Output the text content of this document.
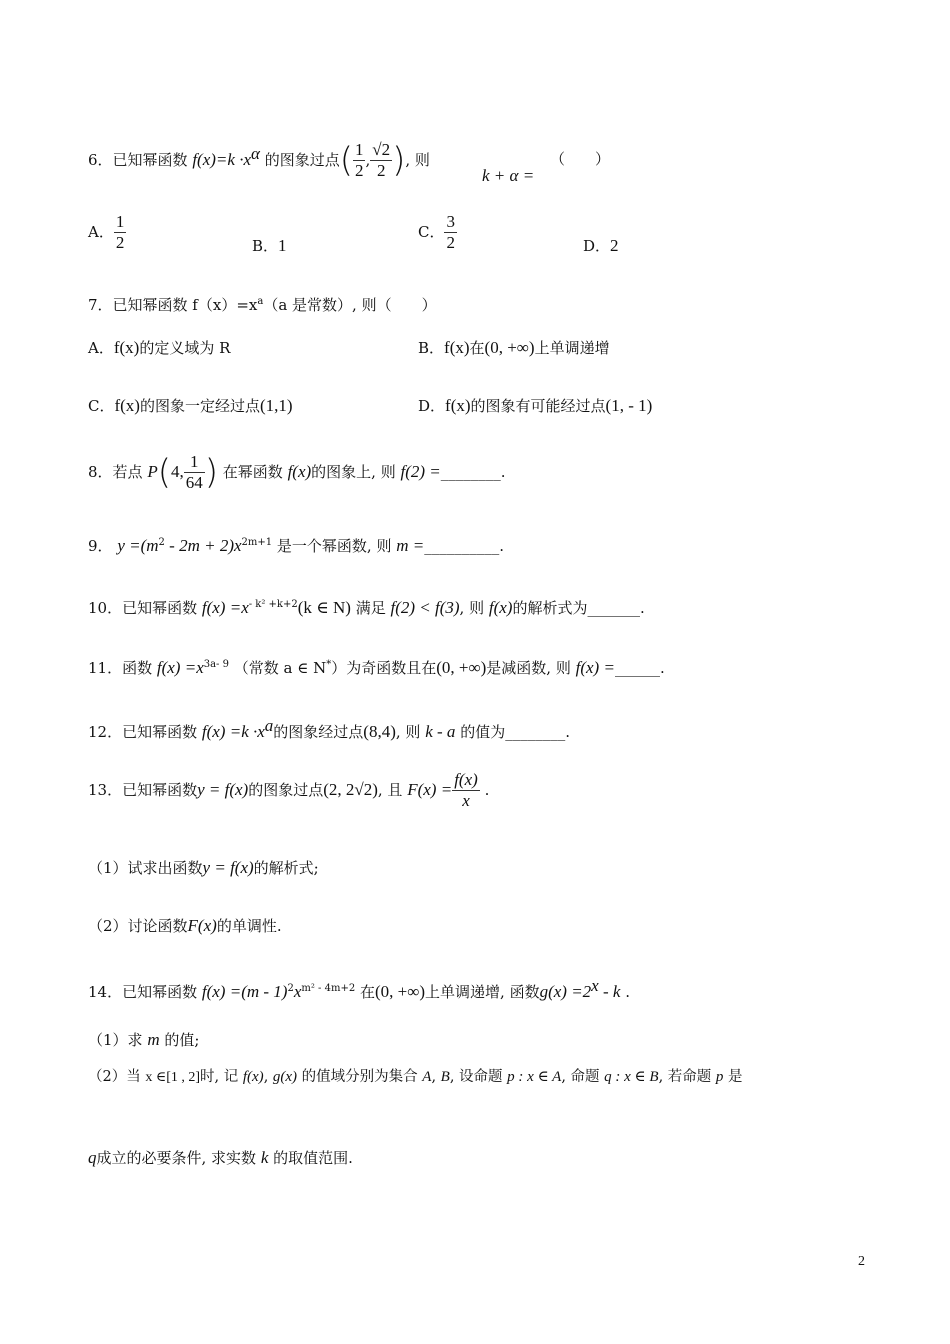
6．已知幂函数 $f(x)=k \cdot x^\alpha$ 的图象过点( $\frac{1}{2}$ , $\frac{√2}{2}$ ), 则
k + α =
（　　）
A． $\frac{1}{2}$	B．1
C． $\frac{3}{2}$	D．2
7．已知幂函数 $f(x)=x^a(a$ 是常数）, 则（　　）
A．f(x)的定义域为 R	B．f(x)在(0, +∞)上单调递增
C．f(x)的图象一定经过点(1,1)	D．f(x)的图象有可能经过点(1, - 1)
8．若点 P(4, $\frac{1}{64}$ ) 在幂函数 f(x)的图象上, 则 f(2) =________.
9． $y =(m^2 - 2m + 2)x^{2m+1}$ 是一个幂函数, 则 m =__________.
10．已知幂函数 $f(x) =x^{- k^2 +k+2}(k$ ∈ N) 满足 f(2) < f(3), 则 f(x)的解析式为_______.
11．函数 $f(x) =x^{3a- 9}$ （常数 a ∈ N*）为奇函数且在(0, +∞)是减函数, 则 f(x) =______.
12．已知幂函数 $f(x) =k \cdot x^a$的图象经过点(8,4), 则 k - a 的值为________.
13．已知幂函数y = f(x)的图象过点(2, 2√2), 且 $F(x) = \frac{f(x)}{x}$ .
（1）试求出函数y = f(x)的解析式;
（2）讨论函数F(x)的单调性.
14．已知幂函数 $f(x) =(m - 1)^2x^{m^2 - 4m+2}$ 在(0, +∞)上单调递增, 函数$g(x) =2^x - k$ .
（1）求 m 的值;
（2）当 x ∈[1 , 2]时, 记 f(x), g(x) 的值域分别为集合 A, B, 设命题 p : x ∈ A, 命题 q : x ∈ B, 若命题 p 是
q成立的必要条件, 求实数 k 的取值范围.
2
